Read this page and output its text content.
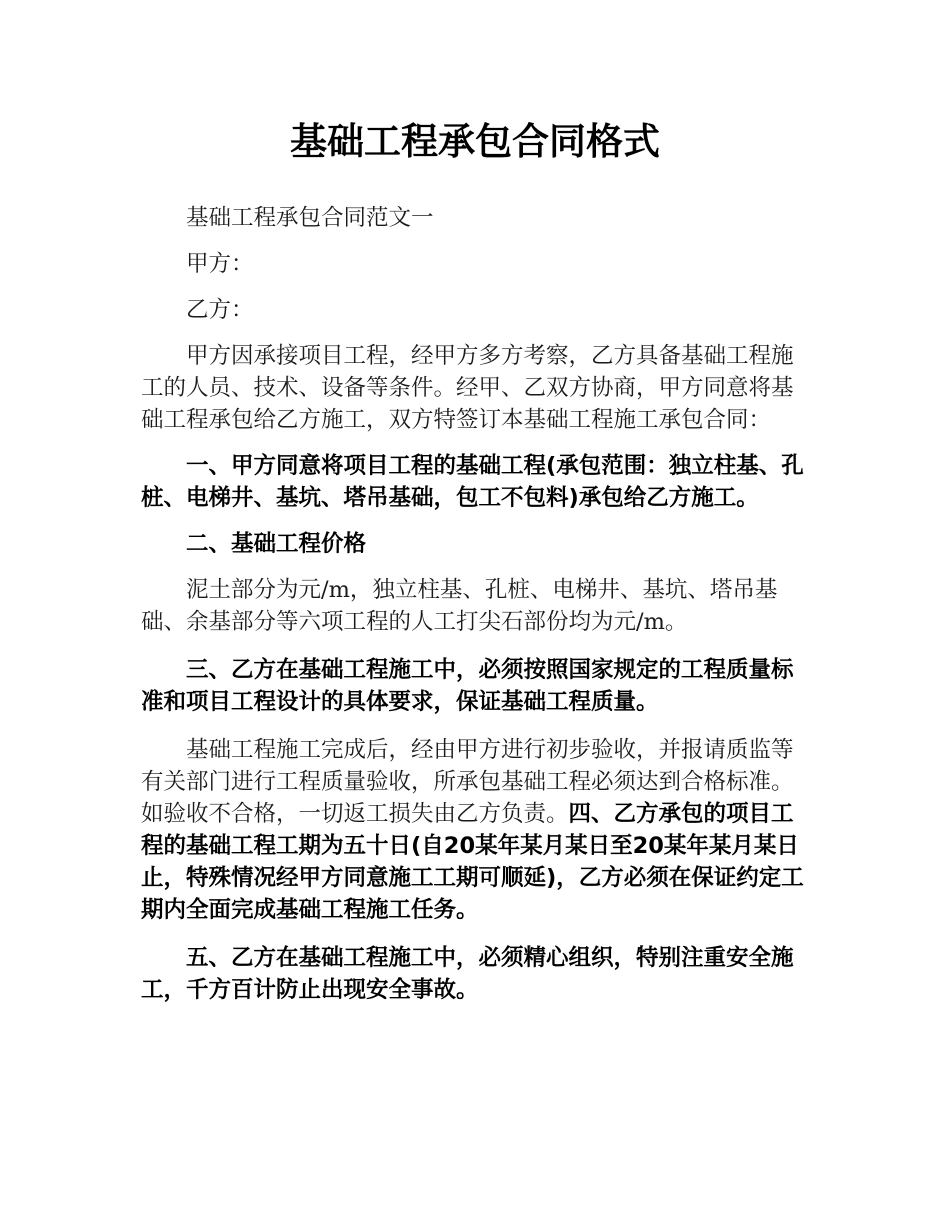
基础工程承包合同格式

基础工程承包合同范文一

甲方：

乙方：

甲方因承接项目工程，经甲方多方考察，乙方具备基础工程施工的人员、技术、设备等条件。经甲、乙双方协商，甲方同意将基础工程承包给乙方施工，双方特签订本基础工程施工承包合同：

一、甲方同意将项目工程的基础工程(承包范围：独立柱基、孔桩、电梯井、基坑、塔吊基础，包工不包料)承包给乙方施工。

二、基础工程价格

泥土部分为元/m，独立柱基、孔桩、电梯井、基坑、塔吊基础、余基部分等六项工程的人工打尖石部份均为元/m。

三、乙方在基础工程施工中，必须按照国家规定的工程质量标准和项目工程设计的具体要求，保证基础工程质量。

基础工程施工完成后，经由甲方进行初步验收，并报请质监等有关部门进行工程质量验收，所承包基础工程必须达到合格标准。如验收不合格，一切返工损失由乙方负责。四、乙方承包的项目工程的基础工程工期为五十日(自20某年某月某日至20某年某月某日止，特殊情况经甲方同意施工工期可顺延)，乙方必须在保证约定工期内全面完成基础工程施工任务。

五、乙方在基础工程施工中，必须精心组织，特别注重安全施工，千方百计防止出现安全事故。
